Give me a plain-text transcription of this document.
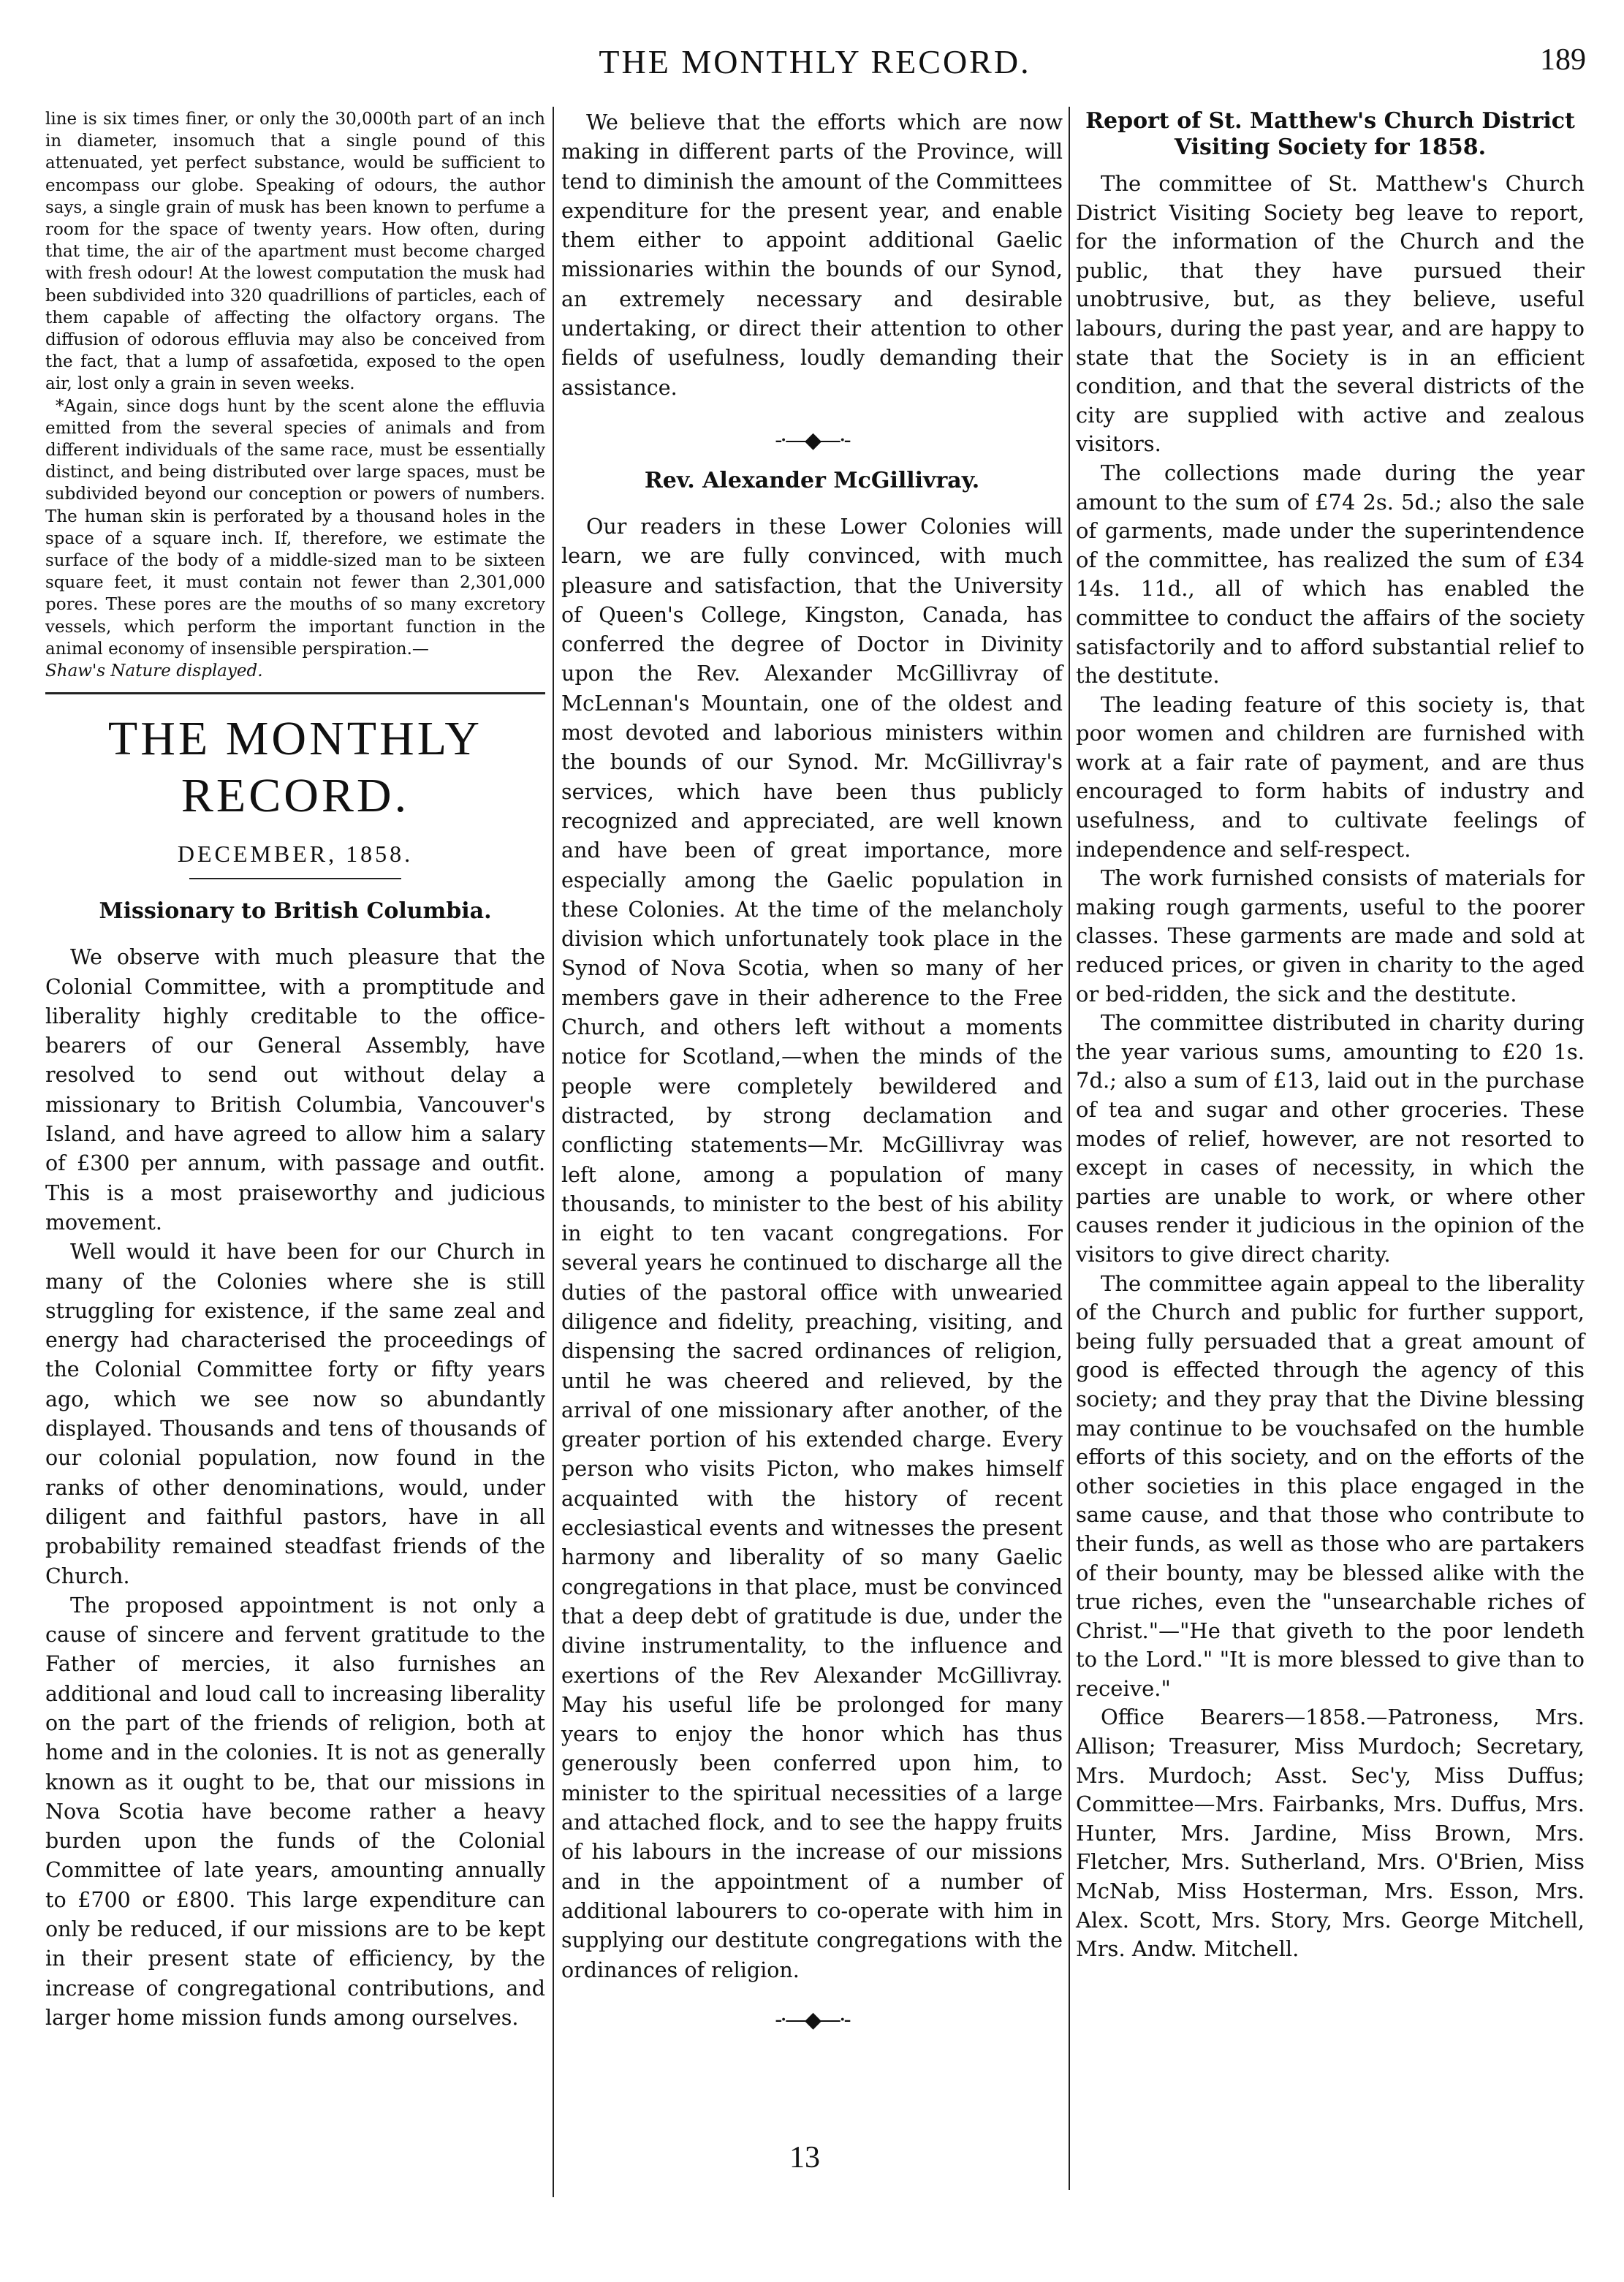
THE MONTHLY RECORD.	189

line is six times finer, or only the 30,000th part of an inch in diameter, insomuch that a single pound of this attenuated, yet perfect substance, would be sufficient to encompass our globe. Speaking of odours, the author says, a single grain of musk has been known to perfume a room for the space of twenty years. How often, during that time, the air of the apartment must become charged with fresh odour! At the lowest computation the musk had been subdivided into 320 quadrillions of particles, each of them capable of affecting the olfactory organs. The diffusion of odorous effluvia may also be conceived from the fact, that a lump of assafœtida, exposed to the open air, lost only a grain in seven weeks.

*Again, since dogs hunt by the scent alone the effluvia emitted from the several species of animals and from different individuals of the same race, must be essentially distinct, and being distributed over large spaces, must be subdivided beyond our conception or powers of numbers. The human skin is perforated by a thousand holes in the space of a square inch. If, therefore, we estimate the surface of the body of a middle-sized man to be sixteen square feet, it must contain not fewer than 2,301,000 pores. These pores are the mouths of so many excretory vessels, which perform the important function in the animal economy of insensible perspiration.—

Shaw's Nature displayed.

THE MONTHLY RECORD.
DECEMBER, 1858.
Missionary to British Columbia.

We observe with much pleasure that the Colonial Committee, with a promptitude and liberality highly creditable to the office-bearers of our General Assembly, have resolved to send out without delay a missionary to British Columbia, Vancouver's Island, and have agreed to allow him a salary of £300 per annum, with passage and outfit. This is a most praiseworthy and judicious movement.

Well would it have been for our Church in many of the Colonies where she is still struggling for existence, if the same zeal and energy had characterised the proceedings of the Colonial Committee forty or fifty years ago, which we see now so abundantly displayed. Thousands and tens of thousands of our colonial population, now found in the ranks of other denominations, would, under diligent and faithful pastors, have in all probability remained steadfast friends of the Church.

The proposed appointment is not only a cause of sincere and fervent gratitude to the Father of mercies, it also furnishes an additional and loud call to increasing liberality on the part of the friends of religion, both at home and in the colonies. It is not as generally known as it ought to be, that our missions in Nova Scotia have become rather a heavy burden upon the funds of the Colonial Committee of late years, amounting annually to £700 or £800. This large expenditure can only be reduced, if our missions are to be kept in their present state of efficiency, by the increase of congregational contributions, and larger home mission funds among ourselves.

We believe that the efforts which are now making in different parts of the Province, will tend to diminish the amount of the Committees expenditure for the present year, and enable them either to appoint additional Gaelic missionaries within the bounds of our Synod, an extremely necessary and desirable undertaking, or direct their attention to other fields of usefulness, loudly demanding their assistance.

-·—◆—·-
Rev. Alexander McGillivray.

Our readers in these Lower Colonies will learn, we are fully convinced, with much pleasure and satisfaction, that the University of Queen's College, Kingston, Canada, has conferred the degree of Doctor in Divinity upon the Rev. Alexander McGillivray of McLennan's Mountain, one of the oldest and most devoted and laborious ministers within the bounds of our Synod. Mr. McGillivray's services, which have been thus publicly recognized and appreciated, are well known and have been of great importance, more especially among the Gaelic population in these Colonies. At the time of the melancholy division which unfortunately took place in the Synod of Nova Scotia, when so many of her members gave in their adherence to the Free Church, and others left without a moments notice for Scotland,—when the minds of the people were completely bewildered and distracted, by strong declamation and conflicting statements—Mr. McGillivray was left alone, among a population of many thousands, to minister to the best of his ability in eight to ten vacant congregations. For several years he continued to discharge all the duties of the pastoral office with unwearied diligence and fidelity, preaching, visiting, and dispensing the sacred ordinances of religion, until he was cheered and relieved, by the arrival of one missionary after another, of the greater portion of his extended charge. Every person who visits Picton, who makes himself acquainted with the history of recent ecclesiastical events and witnesses the present harmony and liberality of so many Gaelic congregations in that place, must be convinced that a deep debt of gratitude is due, under the divine instrumentality, to the influence and exertions of the Rev Alexander McGillivray. May his useful life be prolonged for many years to enjoy the honor which has thus generously been conferred upon him, to minister to the spiritual necessities of a large and attached flock, and to see the happy fruits of his labours in the increase of our missions and in the appointment of a number of additional labourers to co-operate with him in supplying our destitute congregations with the ordinances of religion.

-·—◆—·-
Report of St. Matthew's Church District
Visiting Society for 1858.

The committee of St. Matthew's Church District Visiting Society beg leave to report, for the information of the Church and the public, that they have pursued their unobtrusive, but, as they believe, useful labours, during the past year, and are happy to state that the Society is in an efficient condition, and that the several districts of the city are supplied with active and zealous visitors.

The collections made during the year amount to the sum of £74 2s. 5d.; also the sale of garments, made under the superintendence of the committee, has realized the sum of £34 14s. 11d., all of which has enabled the committee to conduct the affairs of the society satisfactorily and to afford substantial relief to the destitute.

The leading feature of this society is, that poor women and children are furnished with work at a fair rate of payment, and are thus encouraged to form habits of industry and usefulness, and to cultivate feelings of independence and self-respect.

The work furnished consists of materials for making rough garments, useful to the poorer classes. These garments are made and sold at reduced prices, or given in charity to the aged or bed-ridden, the sick and the destitute.

The committee distributed in charity during the year various sums, amounting to £20 1s. 7d.; also a sum of £13, laid out in the purchase of tea and sugar and other groceries. These modes of relief, however, are not resorted to except in cases of necessity, in which the parties are unable to work, or where other causes render it judicious in the opinion of the visitors to give direct charity.

The committee again appeal to the liberality of the Church and public for further support, being fully persuaded that a great amount of good is effected through the agency of this society; and they pray that the Divine blessing may continue to be vouchsafed on the humble efforts of this society, and on the efforts of the other societies in this place engaged in the same cause, and that those who contribute to their funds, as well as those who are partakers of their bounty, may be blessed alike with the true riches, even the "unsearchable riches of Christ."—"He that giveth to the poor lendeth to the Lord." "It is more blessed to give than to receive."

Office Bearers—1858.—Patroness, Mrs. Allison; Treasurer, Miss Murdoch; Secretary, Mrs. Murdoch; Asst. Sec'y, Miss Duffus; Committee—Mrs. Fairbanks, Mrs. Duffus, Mrs. Hunter, Mrs. Jardine, Miss Brown, Mrs. Fletcher, Mrs. Sutherland, Mrs. O'Brien, Miss McNab, Miss Hosterman, Mrs. Esson, Mrs. Alex. Scott, Mrs. Story, Mrs. George Mitchell, Mrs. Andw. Mitchell.

13
